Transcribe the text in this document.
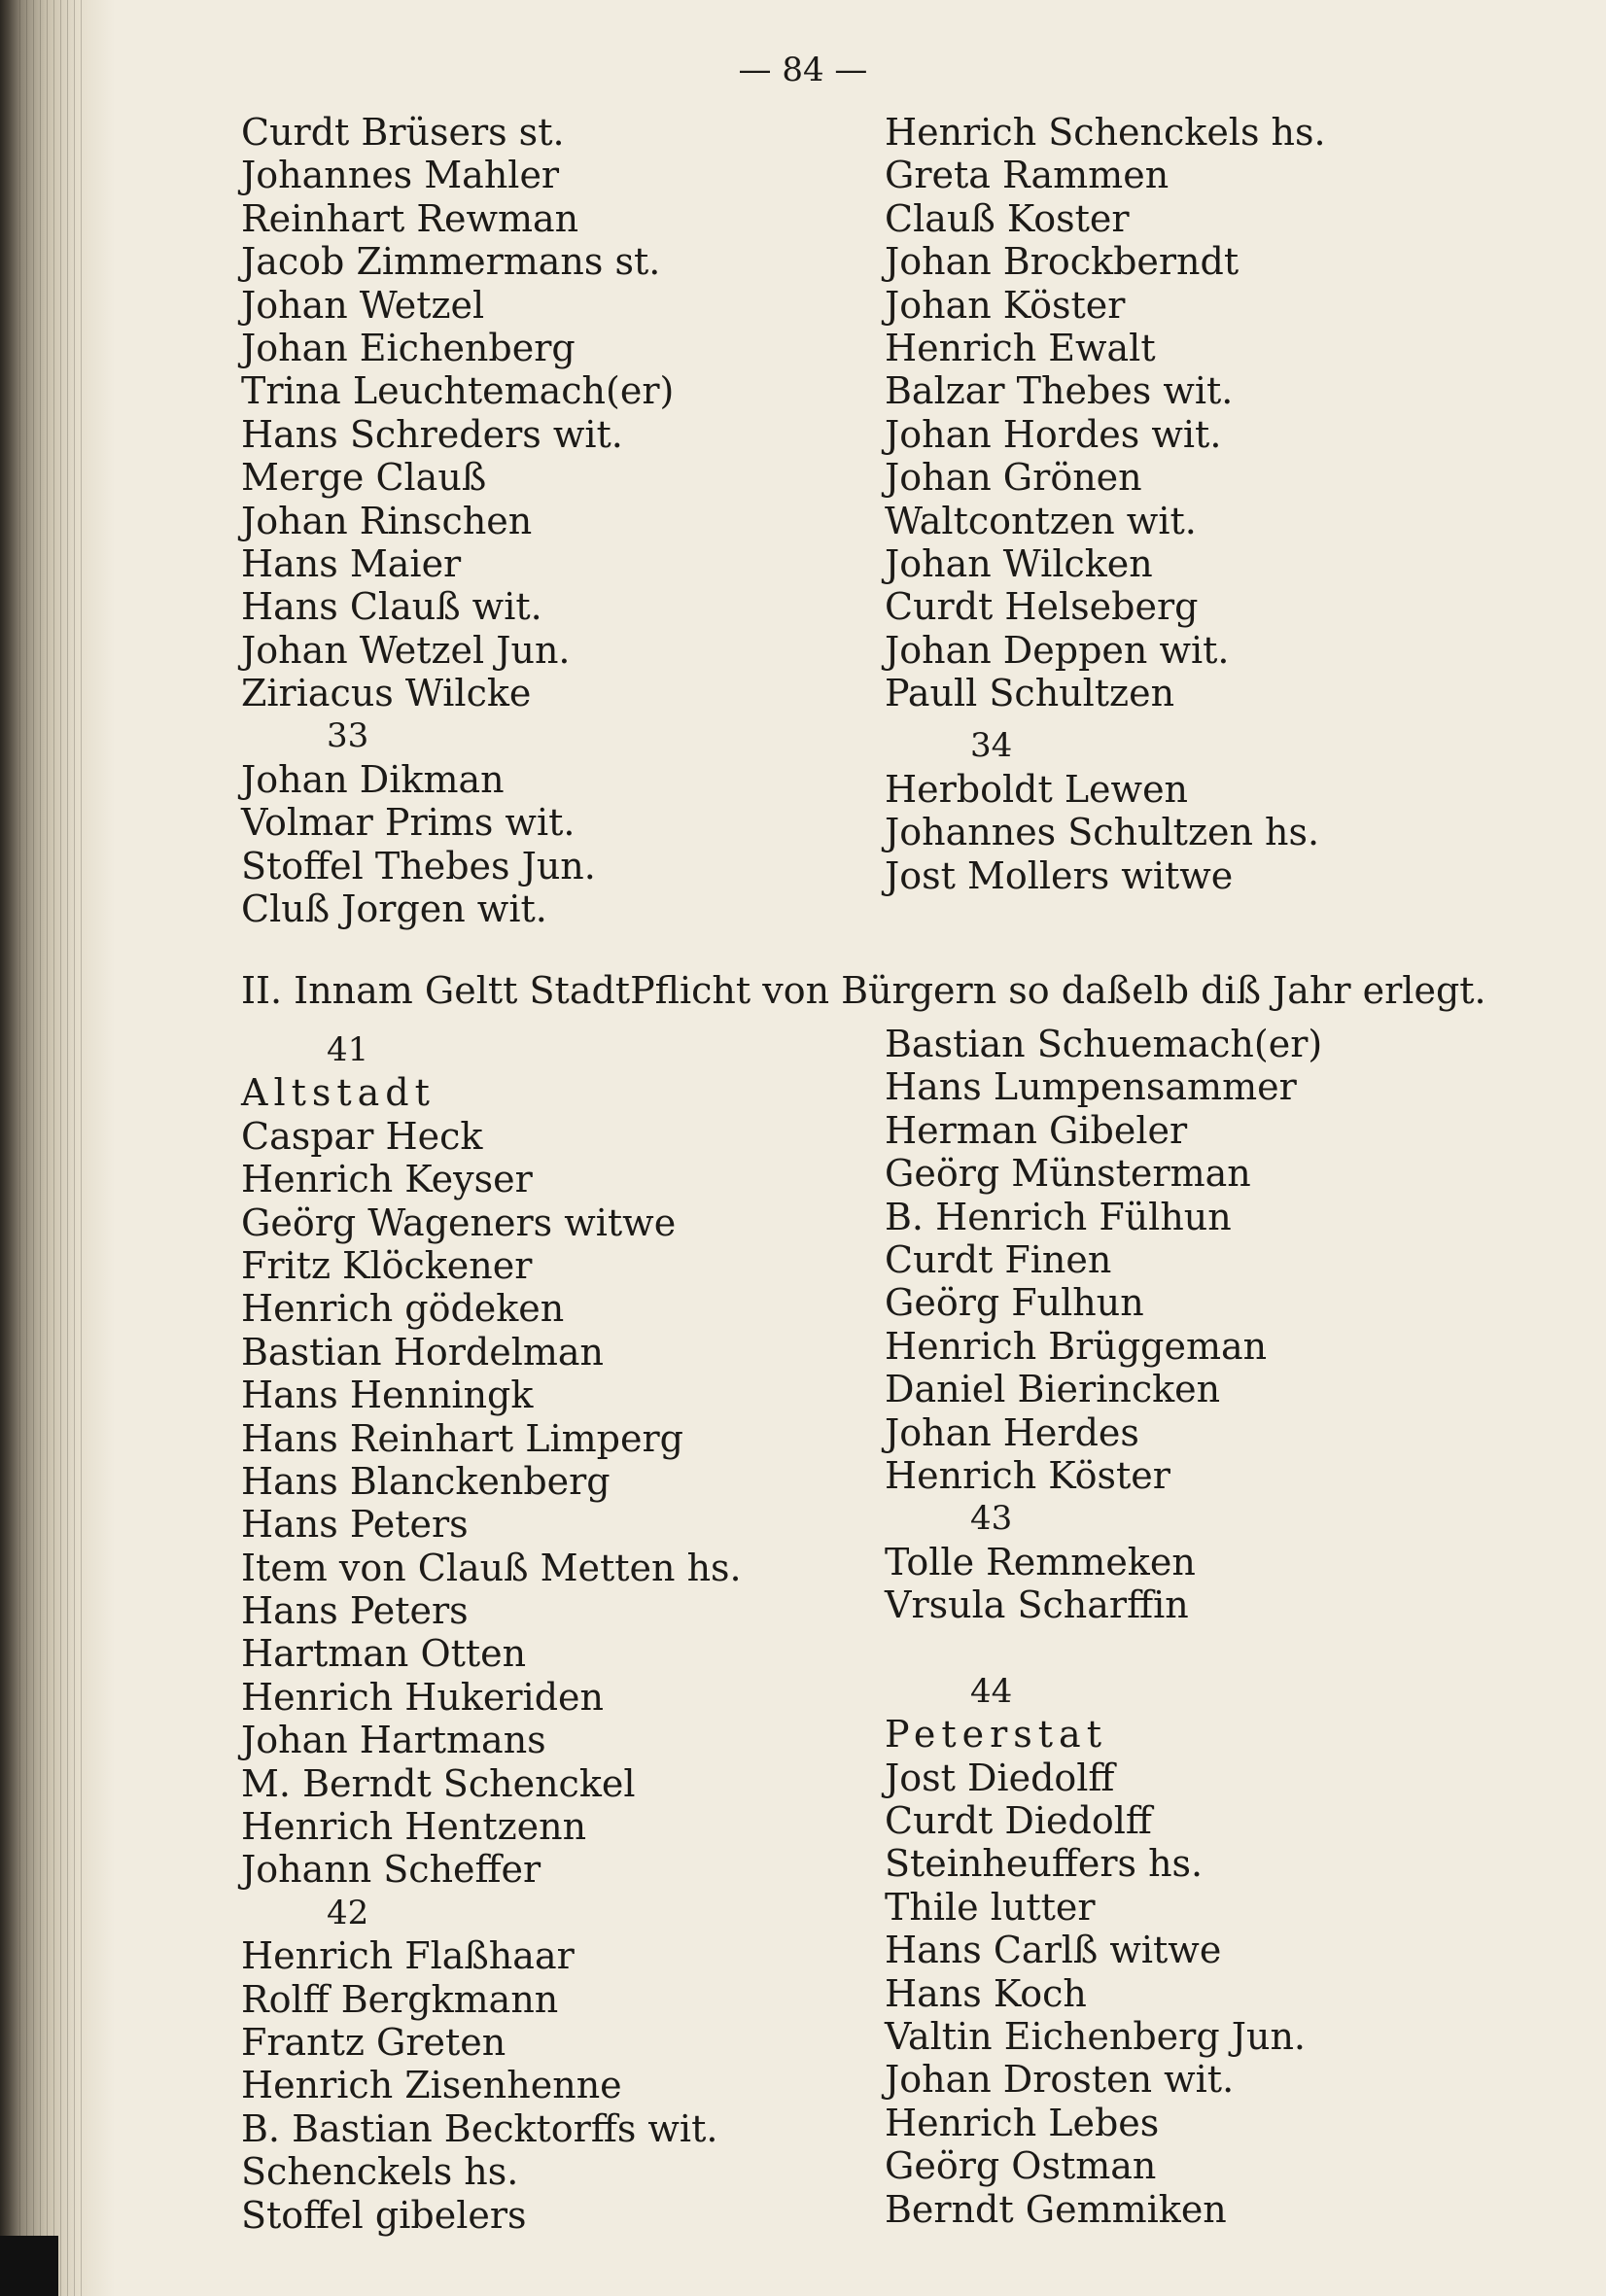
— 84 —
Curdt Brüsers st.
Johannes Mahler
Reinhart Rewman
Jacob Zimmermans st.
Johan Wetzel
Johan Eichenberg
Trina Leuchtemach(er)
Hans Schreders wit.
Merge Clauß
Johan Rinschen
Hans Maier
Hans Clauß wit.
Johan Wetzel Jun.
Ziriacus Wilcke
33
Johan Dikman
Volmar Prims wit.
Stoffel Thebes Jun.
Cluß Jorgen wit.
Henrich Schenckels hs.
Greta Rammen
Clauß Koster
Johan Brockberndt
Johan Köster
Henrich Ewalt
Balzar Thebes wit.
Johan Hordes wit.
Johan Grönen
Waltcontzen wit.
Johan Wilcken
Curdt Helseberg
Johan Deppen wit.
Paull Schultzen
34
Herboldt Lewen
Johannes Schultzen hs.
Jost Mollers witwe
II. Innam Geltt StadtPflicht von Bürgern so daßelb diß Jahr erlegt.
41
Altstadt
Caspar Heck
Henrich Keyser
Geörg Wageners witwe
Fritz Klöckener
Henrich gödeken
Bastian Hordelman
Hans Henningk
Hans Reinhart Limperg
Hans Blanckenberg
Hans Peters
Item von Clauß Metten hs.
Hans Peters
Hartman Otten
Henrich Hukeriden
Johan Hartmans
M. Berndt Schenckel
Henrich Hentzenn
Johann Scheffer
42
Henrich Flaßhaar
Rolff Bergkmann
Frantz Greten
Henrich Zisenhenne
B. Bastian Becktorffs wit.
Schenckels hs.
Stoffel gibelers
Bastian Schuemach(er)
Hans Lumpensammer
Herman Gibeler
Geörg Münsterman
B. Henrich Fülhun
Curdt Finen
Geörg Fulhun
Henrich Brüggeman
Daniel Bierincken
Johan Herdes
Henrich Köster
43
Tolle Remmeken
Vrsula Scharffin
44
Peterstat
Jost Diedolff
Curdt Diedolff
Steinheuffers hs.
Thile lutter
Hans Carlß witwe
Hans Koch
Valtin Eichenberg Jun.
Johan Drosten wit.
Henrich Lebes
Geörg Ostman
Berndt Gemmiken
